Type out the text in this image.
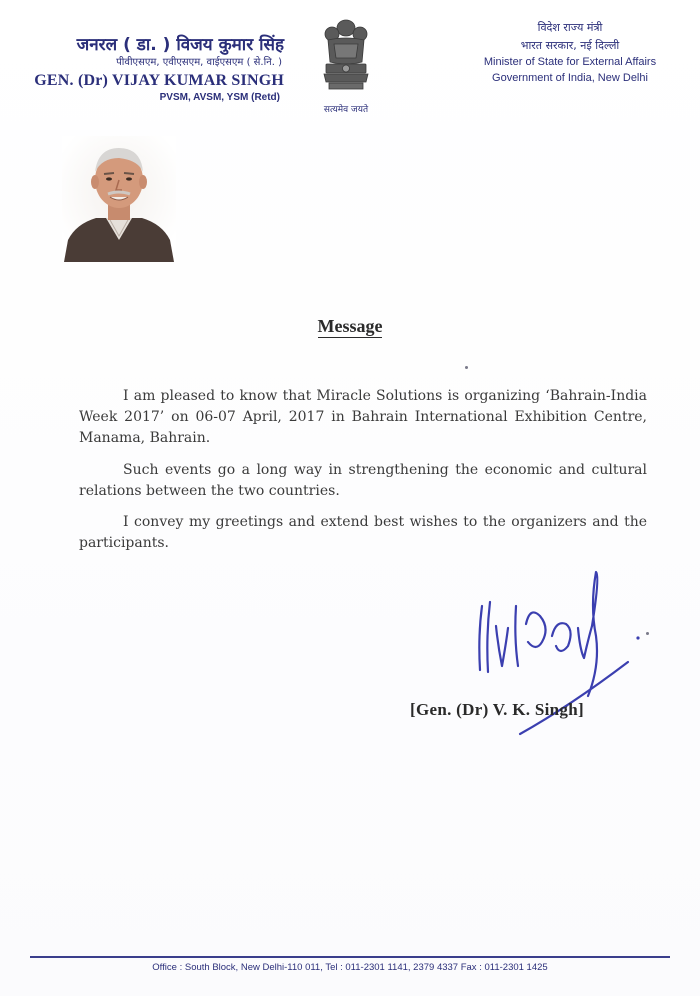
जनरल ( डा. ) विजय कुमार सिंह
पीवीएसएम, एवीएसएम, वाईएसएम ( से.नि. )
GEN. (Dr) VIJAY KUMAR SINGH
PVSM, AVSM, YSM (Retd)
सत्यमेव जयते
विदेश राज्य मंत्री
भारत सरकार, नई दिल्ली
Minister of State for External Affairs
Government of India, New Delhi
Message
I am pleased to know that Miracle Solutions is organizing ‘Bahrain-India Week 2017’ on 06-07 April, 2017 in Bahrain International Exhibition Centre, Manama, Bahrain.
Such events go a long way in strengthening the economic and cultural relations between the two countries.
I convey my greetings and extend best wishes to the organizers and the participants.
[Gen. (Dr) V. K. Singh]
Office : South Block, New Delhi-110 011, Tel : 011-2301 1141, 2379 4337 Fax : 011-2301 1425
